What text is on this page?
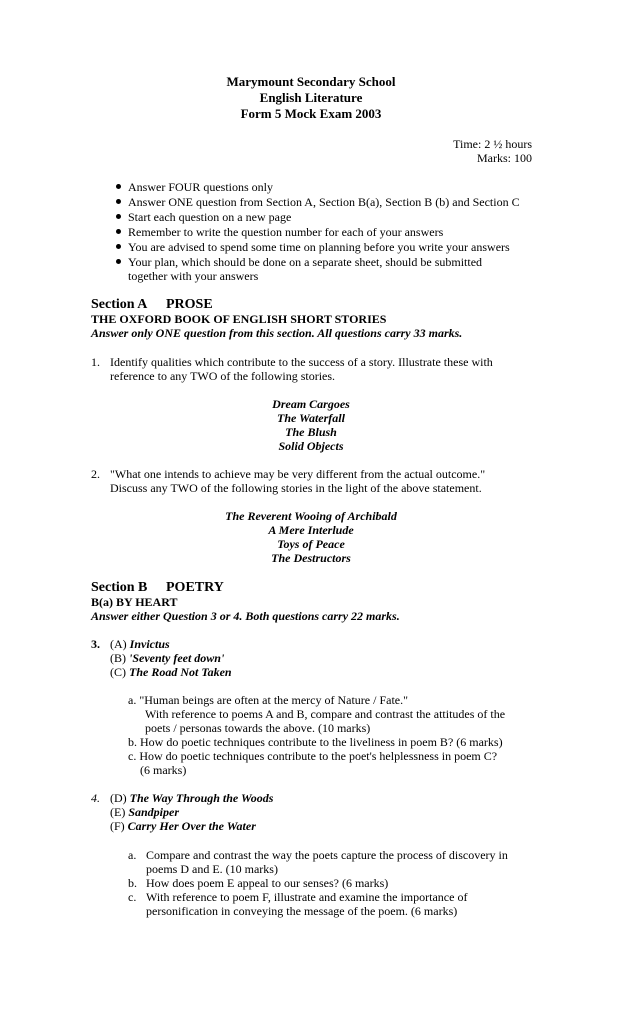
Marymount Secondary School
English Literature
Form 5 Mock Exam 2003
Time: 2 ½ hours
Marks: 100
Answer FOUR questions only
Answer ONE question from Section A, Section B(a), Section B (b) and Section C
Start each question on a new page
Remember to write the question number for each of your answers
You are advised to spend some time on planning before you write your answers
Your plan, which should be done on a separate sheet, should be submitted
together with your answers
Section A PROSE
THE OXFORD BOOK OF ENGLISH SHORT STORIES
Answer only ONE question from this section. All questions carry 33 marks.
1. Identify qualities which contribute to the success of a story. Illustrate these with
reference to any TWO of the following stories.
Dream Cargoes
The Waterfall
The Blush
Solid Objects
2. "What one intends to achieve may be very different from the actual outcome."
Discuss any TWO of the following stories in the light of the above statement.
The Reverent Wooing of Archibald
A Mere Interlude
Toys of Peace
The Destructors
Section B POETRY
B(a) BY HEART
Answer either Question 3 or 4. Both questions carry 22 marks.
3. (A) Invictus
(B) 'Seventy feet down'
(C) The Road Not Taken
a. "Human beings are often at the mercy of Nature / Fate."
With reference to poems A and B, compare and contrast the attitudes of the
poets / personas towards the above. (10 marks)
b. How do poetic techniques contribute to the liveliness in poem B? (6 marks)
c. How do poetic techniques contribute to the poet's helplessness in poem C?
(6 marks)
4. (D) The Way Through the Woods
(E) Sandpiper
(F) Carry Her Over the Water
a. Compare and contrast the way the poets capture the process of discovery in
poems D and E. (10 marks)
b. How does poem E appeal to our senses? (6 marks)
c. With reference to poem F, illustrate and examine the importance of
personification in conveying the message of the poem. (6 marks)
